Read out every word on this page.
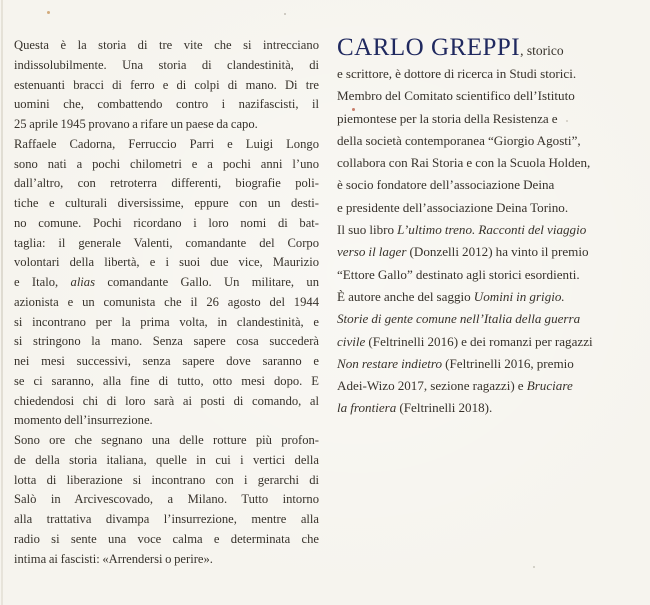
Questa è la storia di tre vite che si intrecciano
indissolubilmente. Una storia di clandestinità, di
estenuanti bracci di ferro e di colpi di mano. Di tre
uomini che, combattendo contro i nazifascisti, il
25 aprile 1945 provano a rifare un paese da capo.
Raffaele Cadorna, Ferruccio Parri e Luigi Longo
sono nati a pochi chilometri e a pochi anni l’uno
dall’altro, con retroterra differenti, biografie poli-
tiche e culturali diversissime, eppure con un desti-
no comune. Pochi ricordano i loro nomi di bat-
taglia: il generale Valenti, comandante del Corpo
volontari della libertà, e i suoi due vice, Maurizio
e Italo, alias comandante Gallo. Un militare, un
azionista e un comunista che il 26 agosto del 1944
si incontrano per la prima volta, in clandestinità, e
si stringono la mano. Senza sapere cosa succederà
nei mesi successivi, senza sapere dove saranno e
se ci saranno, alla fine di tutto, otto mesi dopo. E
chiedendosi chi di loro sarà ai posti di comando, al
momento dell’insurrezione.
Sono ore che segnano una delle rotture più profon-
de della storia italiana, quelle in cui i vertici della
lotta di liberazione si incontrano con i gerarchi di
Salò in Arcivescovado, a Milano. Tutto intorno
alla trattativa divampa l’insurrezione, mentre alla
radio si sente una voce calma e determinata che
intima ai fascisti: «Arrendersi o perire».
CARLO GREPPI, storico
e scrittore, è dottore di ricerca in Studi storici.
Membro del Comitato scientifico dell’Istituto
piemontese per la storia della Resistenza e
della società contemporanea “Giorgio Agosti”,
collabora con Rai Storia e con la Scuola Holden,
è socio fondatore dell’associazione Deina
e presidente dell’associazione Deina Torino.
Il suo libro L’ultimo treno. Racconti del viaggio
verso il lager (Donzelli 2012) ha vinto il premio
“Ettore Gallo” destinato agli storici esordienti.
È autore anche del saggio Uomini in grigio.
Storie di gente comune nell’Italia della guerra
civile (Feltrinelli 2016) e dei romanzi per ragazzi
Non restare indietro (Feltrinelli 2016, premio
Adei-Wizo 2017, sezione ragazzi) e Bruciare
la frontiera (Feltrinelli 2018).
